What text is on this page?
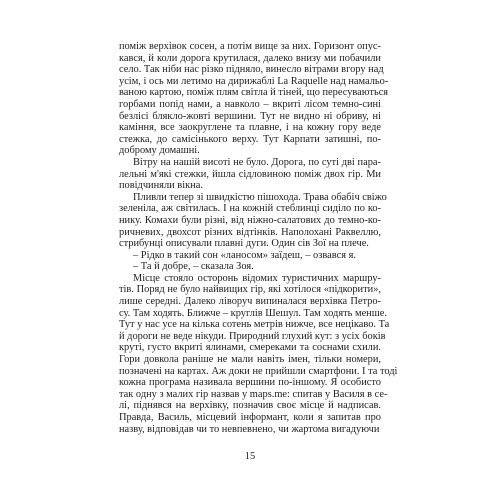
поміж верхівок сосен, а потім вище за них. Горизонт опус-
кався, й коли дорога крутилася, далеко внизу ми побачили
село. Так ніби нас різко підняло, винесло вітрами вгору над
усім, і ось ми летимо на дирижаблі La Raquelle над намальо-
ваною картою, поміж плям світла й тіней, що пересуваються
горбами попід нами, а навколо – вкриті лісом темно-сині
безлісі блякло-жовті вершини. Тут не видно ні обриву, ні
каміння, все заокруглене та плавне, і на кожну гору веде
стежка, до самісінького верху. Тут Карпати затишні, по-
доброму домашні.
Вітру на нашій висоті не було. Дорога, по суті дві пара-
лельні м'які стежки, йшла сідловиною поміж двох гір. Ми
повідчиняли вікна.
Пливли тепер зі швидкістю пішохода. Трава обабіч свіжо
зеленіла, аж світилась. І на кожній стеблинці сиділо по ко-
нику. Комахи були різні, від ніжно-салатових до темно-ко-
ричневих, двохсот різних відтінків. Наполохані Раквеллю,
стрибунці описували плавні дуги. Один сів Зої на плече.
– Рідко в такий сон «ланосом» заїдеш, – озвався я.
– Та й добре, – сказала Зоя.
Місце стояло осторонь відомих туристичних маршру-
тів. Поряд не було найвищих гір, які хотілося «підкорити»,
лише середні. Далеко ліворуч випиналася верхівка Петро-
су. Там ходять. Ближче – круглів Шешул. Там ходять менше.
Тут у нас усе на кілька сотень метрів нижче, все нецікаво. Та
й дороги не веде нікуди. Природний глухий кут: з усіх боків
круті, густо вкриті ялинами, смереками та соснами схили.
Гори довкола раніше не мали навіть імен, тільки номери,
позначені на картах. Аж доки не прийшли смартфони. І та тоді
кожна програма називала вершини по-іншому. Я особисто
так одну з малих гір назвав у maps.me: спитав у Василя в се-
лі, піднявся на верхівку, позначив своє місце й надписав.
Правда, Василь, місцевий інформант, коли я запитав про
назву, відповідав чи то невпевнено, чи жартома вигадуючи
15
